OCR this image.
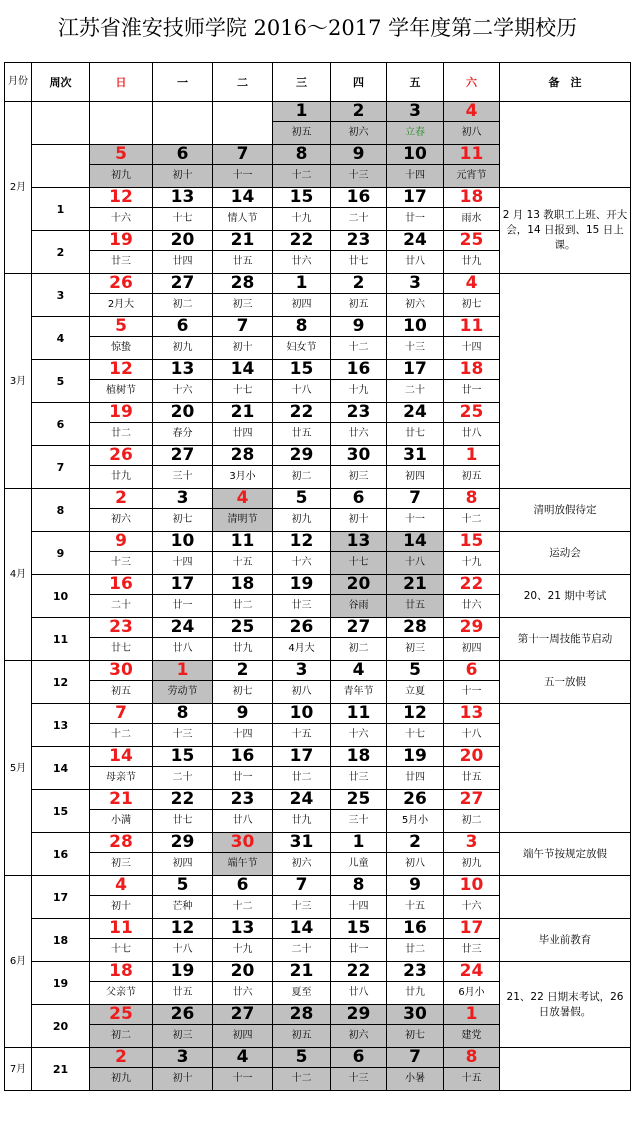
江苏省淮安技师学院 2016～2017 学年度第二学期校历
月份	周次	日	一	二	三	四	五	六	备　注
2月					1	2	3	4	
					初五	初六	立春	初八	
		5	6	7	8	9	10	11	
		初九	初十	十一	十二	十三	十四	元宵节	
	1	12	13	14	15	16	17	18	2 月 13 教职工上班、开大会，14 日报到、15 日上课。
		十六	十七	情人节	十九	二十	廿一	雨水	
	2	19	20	21	22	23	24	25	
		廿三	廿四	廿五	廿六	廿七	廿八	廿九	
3月	3	26	27	28	1	2	3	4	
		2月大	初二	初三	初四	初五	初六	初七	
	4	5	6	7	8	9	10	11	
		惊蛰	初九	初十	妇女节	十二	十三	十四	
	5	12	13	14	15	16	17	18	
		植树节	十六	十七	十八	十九	二十	廿一	
	6	19	20	21	22	23	24	25	
		廿二	春分	廿四	廿五	廿六	廿七	廿八	
	7	26	27	28	29	30	31	1	
		廿九	三十	3月小	初二	初三	初四	初五	
4月	8	2	3	4	5	6	7	8	清明放假待定
		初六	初七	清明节	初九	初十	十一	十二	
	9	9	10	11	12	13	14	15	运动会
		十三	十四	十五	十六	十七	十八	十九	
	10	16	17	18	19	20	21	22	20、21 期中考试
		二十	廿一	廿二	廿三	谷雨	廿五	廿六	
	11	23	24	25	26	27	28	29	第十一周技能节启动
		廿七	廿八	廿九	4月大	初二	初三	初四	
5月	12	30	1	2	3	4	5	6	五一放假
		初五	劳动节	初七	初八	青年节	立夏	十一	
	13	7	8	9	10	11	12	13	
		十二	十三	十四	十五	十六	十七	十八	
	14	14	15	16	17	18	19	20	
		母亲节	二十	廿一	廿二	廿三	廿四	廿五	
	15	21	22	23	24	25	26	27	
		小满	廿七	廿八	廿九	三十	5月小	初二	
	16	28	29	30	31	1	2	3	端午节按规定放假
		初三	初四	端午节	初六	儿童	初八	初九	
6月	17	4	5	6	7	8	9	10	
		初十	芒种	十二	十三	十四	十五	十六	
	18	11	12	13	14	15	16	17	毕业前教育
		十七	十八	十九	二十	廿一	廿二	廿三	
	19	18	19	20	21	22	23	24	21、22 日期末考试，26 日放暑假。
		父亲节	廿五	廿六	夏至	廿八	廿九	6月小	
	20	25	26	27	28	29	30	1	
		初二	初三	初四	初五	初六	初七	建党	
7月	21	2	3	4	5	6	7	8	
		初九	初十	十一	十二	十三	小暑	十五	
